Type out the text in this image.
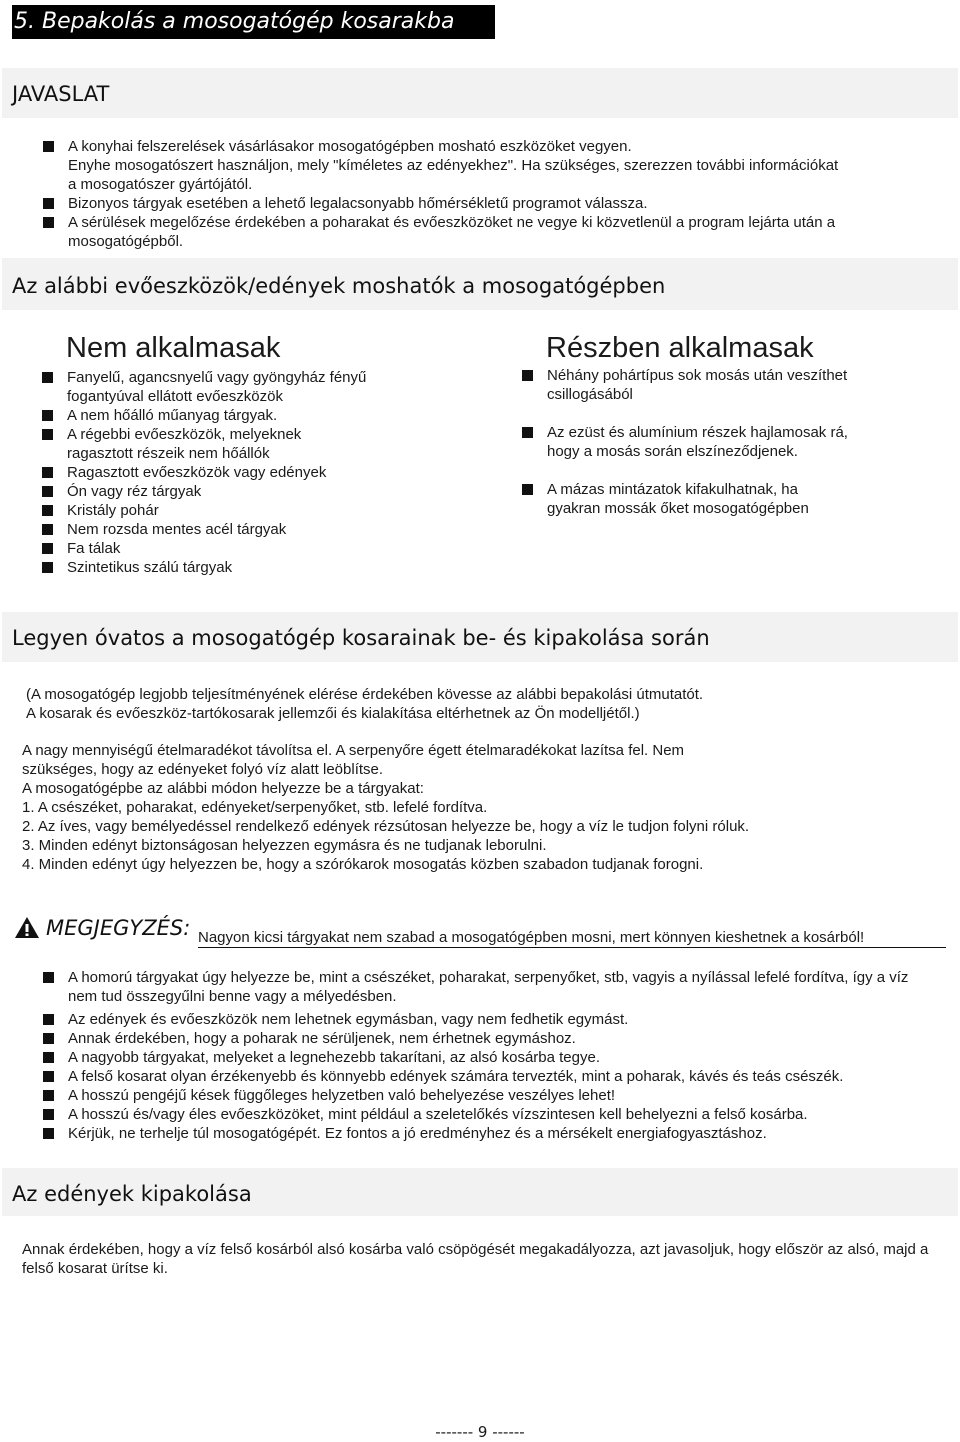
5. Bepakolás a mosogatógép kosarakba
JAVASLAT
A konyhai felszerelések vásárlásakor mosogatógépben mosható eszközöket vegyen.
Enyhe mosogatószert használjon, mely "kíméletes az edényekhez". Ha szükséges, szerezzen további információkat a mosogatószer gyártójától.
Bizonyos tárgyak esetében a lehető legalacsonyabb hőmérsékletű programot válassza.
A sérülések megelőzése érdekében a poharakat és evőeszközöket ne vegye ki közvetlenül a program lejárta után a mosogatógépből.
Az alábbi evőeszközök/edények moshatók a mosogatógépben
Nem alkalmasak
Fanyelű, agancsnyelű vagy gyöngyház fényű fogantyúval ellátott evőeszközök
A nem hőálló műanyag tárgyak.
A régebbi evőeszközök, melyeknek ragasztott részeik nem hőállók
Ragasztott evőeszközök vagy edények
Ón vagy réz tárgyak
Kristály pohár
Nem rozsda mentes acél tárgyak
Fa tálak
Szintetikus szálú tárgyak
Részben alkalmasak
Néhány pohártípus sok mosás után veszíthet csillogásából
Az ezüst és alumínium részek hajlamosak rá, hogy a mosás során elszíneződjenek.
A mázas mintázatok kifakulhatnak, ha gyakran mossák őket mosogatógépben
Legyen óvatos a mosogatógép kosarainak be- és kipakolása során
(A mosogatógép legjobb teljesítményének elérése érdekében kövesse az alábbi bepakolási útmutatót.
A kosarak és evőeszköz-tartókosarak jellemzői és kialakítása eltérhetnek az Ön modelljétől.)
A nagy mennyiségű ételmaradékot távolítsa el. A serpenyőre égett ételmaradékokat lazítsa fel. Nem szükséges, hogy az edényeket folyó víz alatt leöblítse.
A mosogatógépbe az alábbi módon helyezze be a tárgyakat:
1. A csészéket, poharakat, edényeket/serpenyőket, stb. lefelé fordítva.
2. Az íves, vagy bemélyedéssel rendelkező edények rézsútosan helyezze be, hogy a víz le tudjon folyni róluk.
3. Minden edényt biztonságosan helyezzen egymásra és ne tudjanak leborulni.
4. Minden edényt úgy helyezzen be, hogy a szórókarok mosogatás közben szabadon tudjanak forogni.
MEGJEGYZÉS: Nagyon kicsi tárgyakat nem szabad a mosogatógépben mosni, mert könnyen kieshetnek a kosárból!
A homorú tárgyakat úgy helyezze be, mint a csészéket, poharakat, serpenyőket, stb, vagyis a nyílással lefelé fordítva, így a víz nem tud összegyűlni benne vagy a mélyedésben.
Az edények és evőeszközök nem lehetnek egymásban, vagy nem fedhetik egymást.
Annak érdekében, hogy a poharak ne sérüljenek, nem érhetnek egymáshoz.
A nagyobb tárgyakat, melyeket a legnehezebb takarítani, az alsó kosárba tegye.
A felső kosarat olyan érzékenyebb és könnyebb edények számára tervezték, mint a poharak, kávés és teás csészék.
A hosszú pengéjű kések függőleges helyzetben való behelyezése veszélyes lehet!
A hosszú és/vagy éles evőeszközöket, mint például a szeletelőkés vízszintesen kell behelyezni a felső kosárba.
Kérjük, ne terhelje túl mosogatógépét. Ez fontos a jó eredményhez és a mérsékelt energiafogyasztáshoz.
Az edények kipakolása
Annak érdekében, hogy a víz felső kosárból alsó kosárba való csöpögését megakadályozza, azt javasoljuk, hogy először az alsó, majd a felső kosarat ürítse ki.
------- 9 ------
